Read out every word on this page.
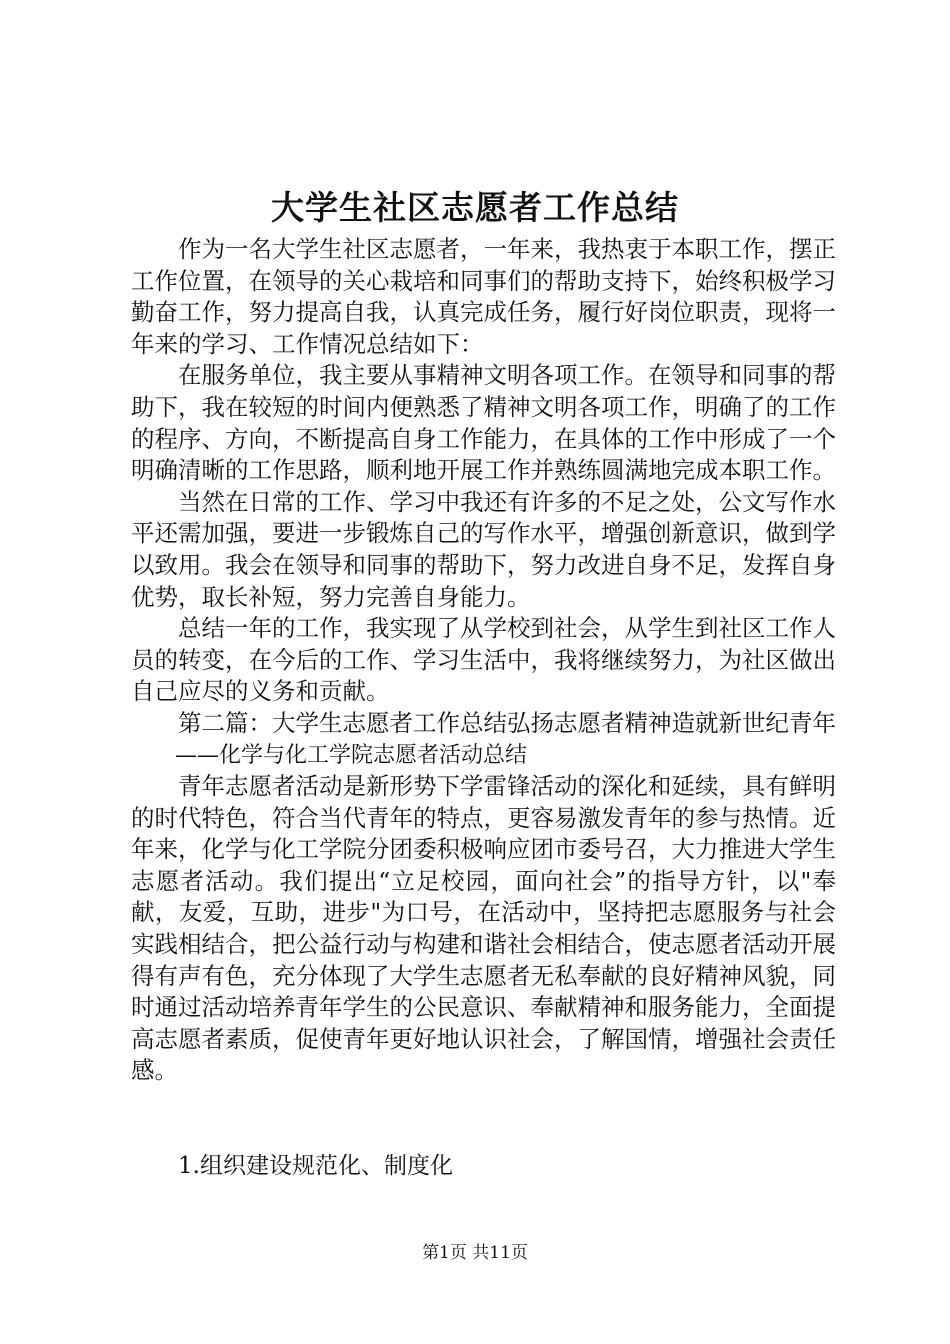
大学生社区志愿者工作总结

作为一名大学生社区志愿者，一年来，我热衷于本职工作，摆正工作位置，在领导的关心栽培和同事们的帮助支持下，始终积极学习勤奋工作，努力提高自我，认真完成任务，履行好岗位职责，现将一年来的学习、工作情况总结如下：

在服务单位，我主要从事精神文明各项工作。在领导和同事的帮助下，我在较短的时间内便熟悉了精神文明各项工作，明确了的工作的程序、方向，不断提高自身工作能力，在具体的工作中形成了一个明确清晰的工作思路，顺利地开展工作并熟练圆满地完成本职工作。

当然在日常的工作、学习中我还有许多的不足之处，公文写作水平还需加强，要进一步锻炼自己的写作水平，增强创新意识，做到学以致用。我会在领导和同事的帮助下，努力改进自身不足，发挥自身优势，取长补短，努力完善自身能力。

总结一年的工作，我实现了从学校到社会，从学生到社区工作人员的转变，在今后的工作、学习生活中，我将继续努力，为社区做出自己应尽的义务和贡献。

第二篇：大学生志愿者工作总结弘扬志愿者精神造就新世纪青年

——化学与化工学院志愿者活动总结

青年志愿者活动是新形势下学雷锋活动的深化和延续，具有鲜明的时代特色，符合当代青年的特点，更容易激发青年的参与热情。近年来，化学与化工学院分团委积极响应团市委号召，大力推进大学生志愿者活动。我们提出“立足校园，面向社会”的指导方针，以"奉献，友爱，互助，进步"为口号，在活动中，坚持把志愿服务与社会实践相结合，把公益行动与构建和谐社会相结合，使志愿者活动开展得有声有色，充分体现了大学生志愿者无私奉献的良好精神风貌，同时通过活动培养青年学生的公民意识、奉献精神和服务能力，全面提高志愿者素质，促使青年更好地认识社会，了解国情，增强社会责任感。

1.组织建设规范化、制度化

第1页 共11页
